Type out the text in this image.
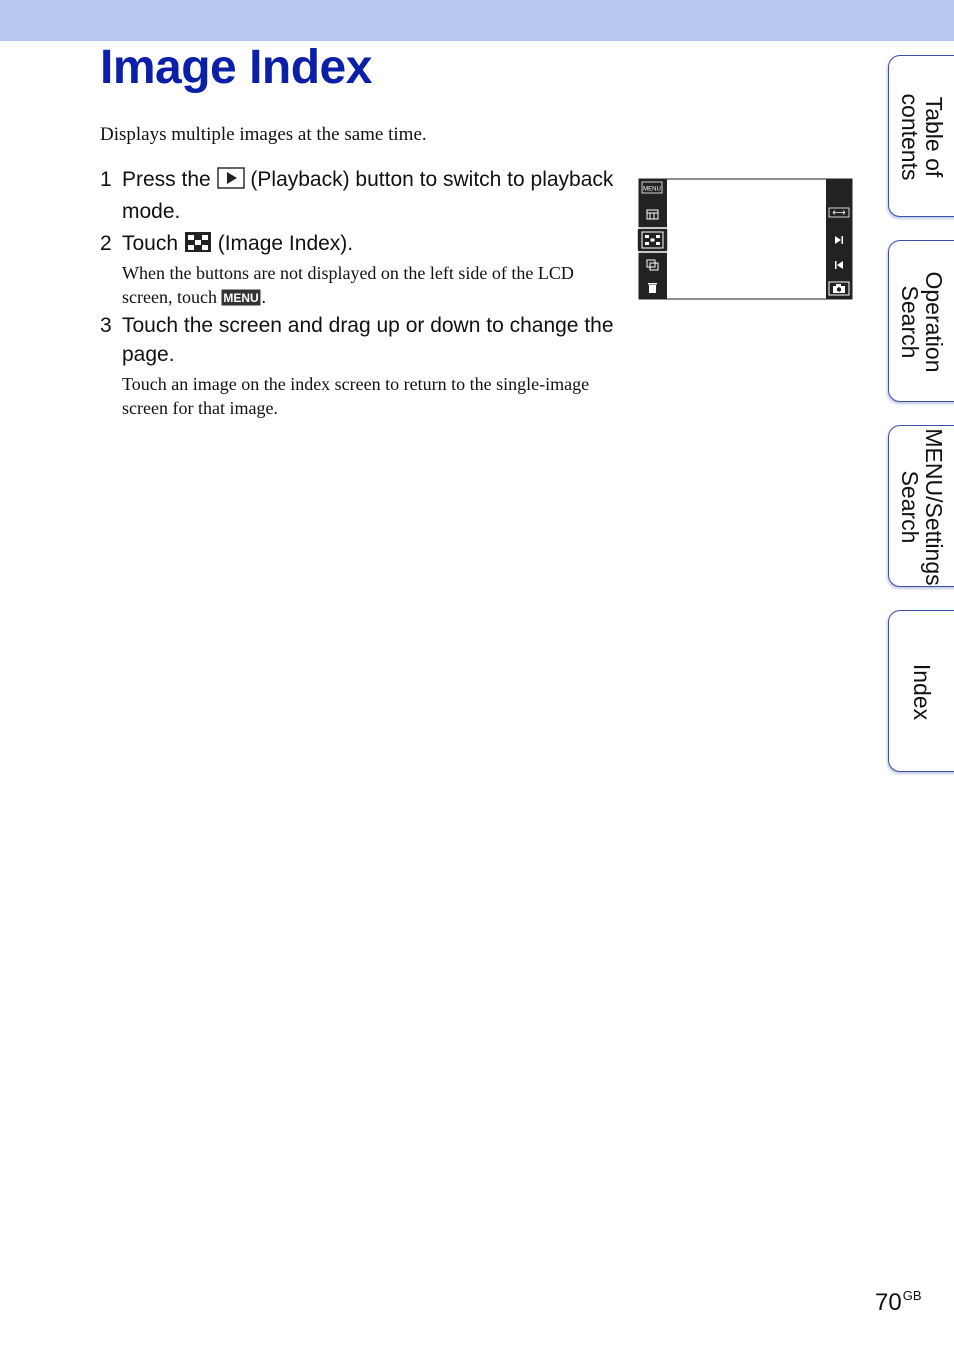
Image Index

Displays multiple images at the same time.

1 Press the (Playback) button to switch to playback mode.
2 Touch (Image Index).
When the buttons are not displayed on the left side of the LCD screen, touch MENU .
3 Touch the screen and drag up or down to change the page.
Touch an image on the index screen to return to the single-image screen for that image.
MENU
Table of
contents
Operation
Search
MENU/Settings
Search
Index
$70^{GB}$
